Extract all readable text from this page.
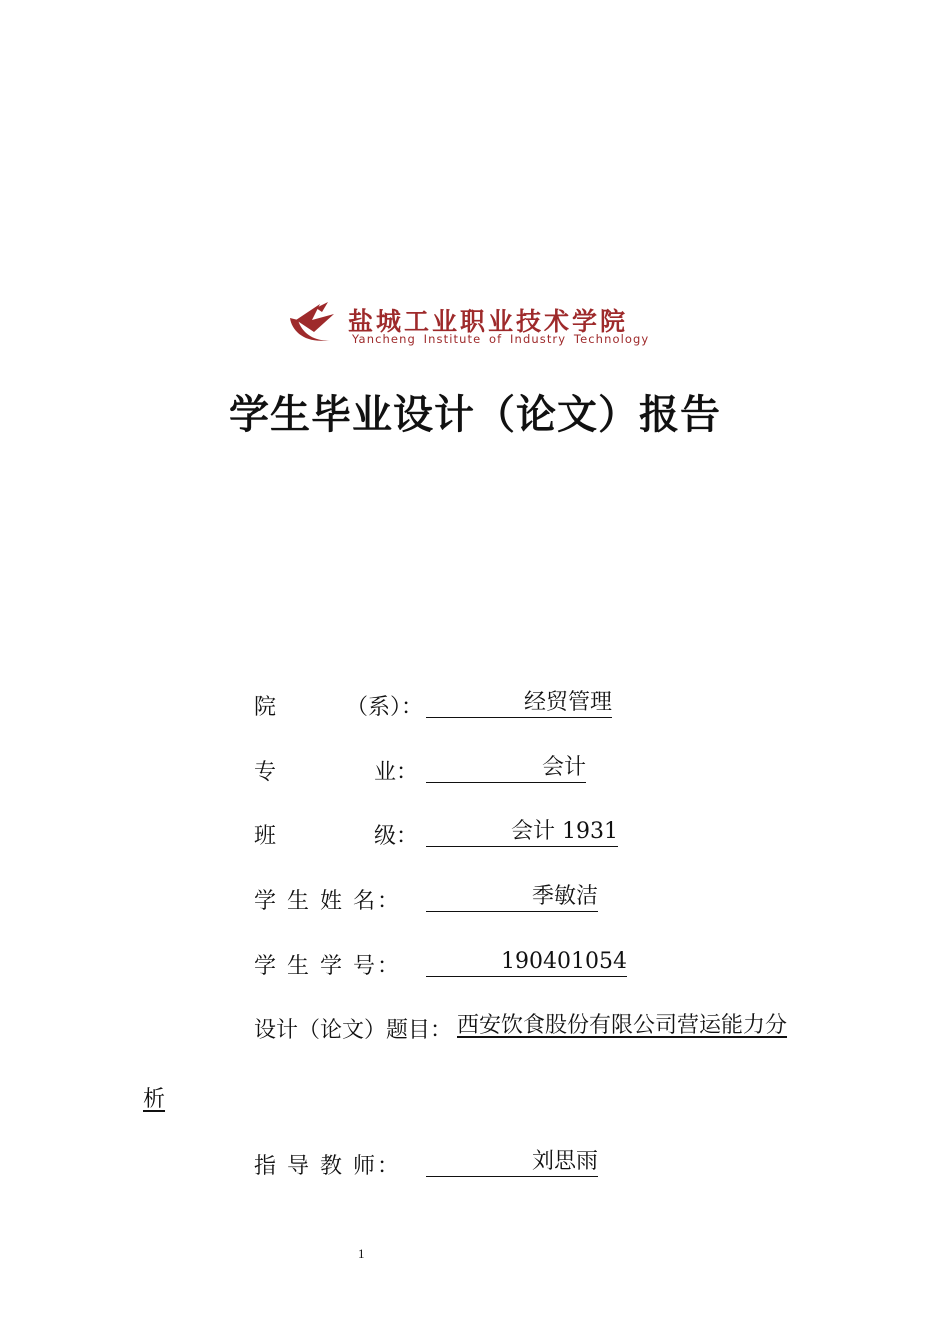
盐城工业职业技术学院
Yancheng Institute of Industry Technology
学生毕业设计（论文）报告
院	（系）：	经贸管理
专	业：	会计
班	级：	会计 1931
学 生 姓 名：	季敏洁
学 生 学 号：	190401054
设计（论文）题目： 西安饮食股份有限公司营运能力分
析
指 导 教 师：	刘思雨
1
